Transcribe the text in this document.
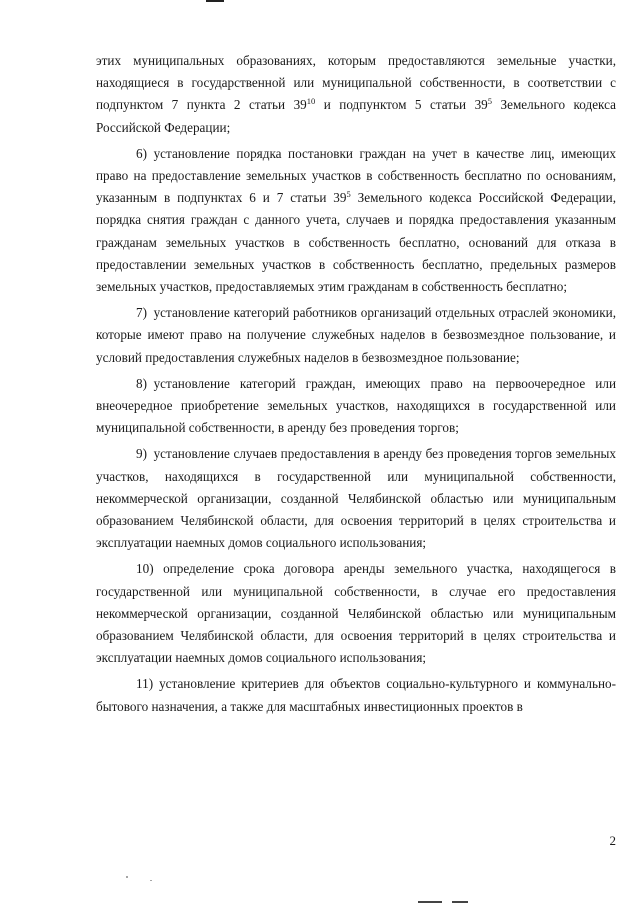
этих муниципальных образованиях, которым предоставляются земельные участки, находящиеся в государственной или муниципальной собственности, в соответствии с подпунктом 7 пункта 2 статьи $39^{10}$ и подпунктом 5 статьи $39^5$ Земельного кодекса Российской Федерации;

6) установление порядка постановки граждан на учет в качестве лиц, имеющих право на предоставление земельных участков в собственность бесплатно по основаниям, указанным в подпунктах 6 и 7 статьи $39^5$ Земельного кодекса Российской Федерации, порядка снятия граждан с данного учета, случаев и порядка предоставления указанным гражданам земельных участков в собственность бесплатно, оснований для отказа в предоставлении земельных участков в собственность бесплатно, предельных размеров земельных участков, предоставляемых этим гражданам в собственность бесплатно;

7) установление категорий работников организаций отдельных отраслей экономики, которые имеют право на получение служебных наделов в безвозмездное пользование, и условий предоставления служебных наделов в безвозмездное пользование;

8) установление категорий граждан, имеющих право на первоочередное или внеочередное приобретение земельных участков, находящихся в государственной или муниципальной собственности, в аренду без проведения торгов;

9) установление случаев предоставления в аренду без проведения торгов земельных участков, находящихся в государственной или муниципальной собственности, некоммерческой организации, созданной Челябинской областью или муниципальным образованием Челябинской области, для освоения территорий в целях строительства и эксплуатации наемных домов социального использования;

10) определение срока договора аренды земельного участка, находящегося в государственной или муниципальной собственности, в случае его предоставления некоммерческой организации, созданной Челябинской областью или муниципальным образованием Челябинской области, для освоения территорий в целях строительства и эксплуатации наемных домов социального использования;

11) установление критериев для объектов социально-культурного и коммунально-бытового назначения, а также для масштабных инвестиционных проектов в

2
